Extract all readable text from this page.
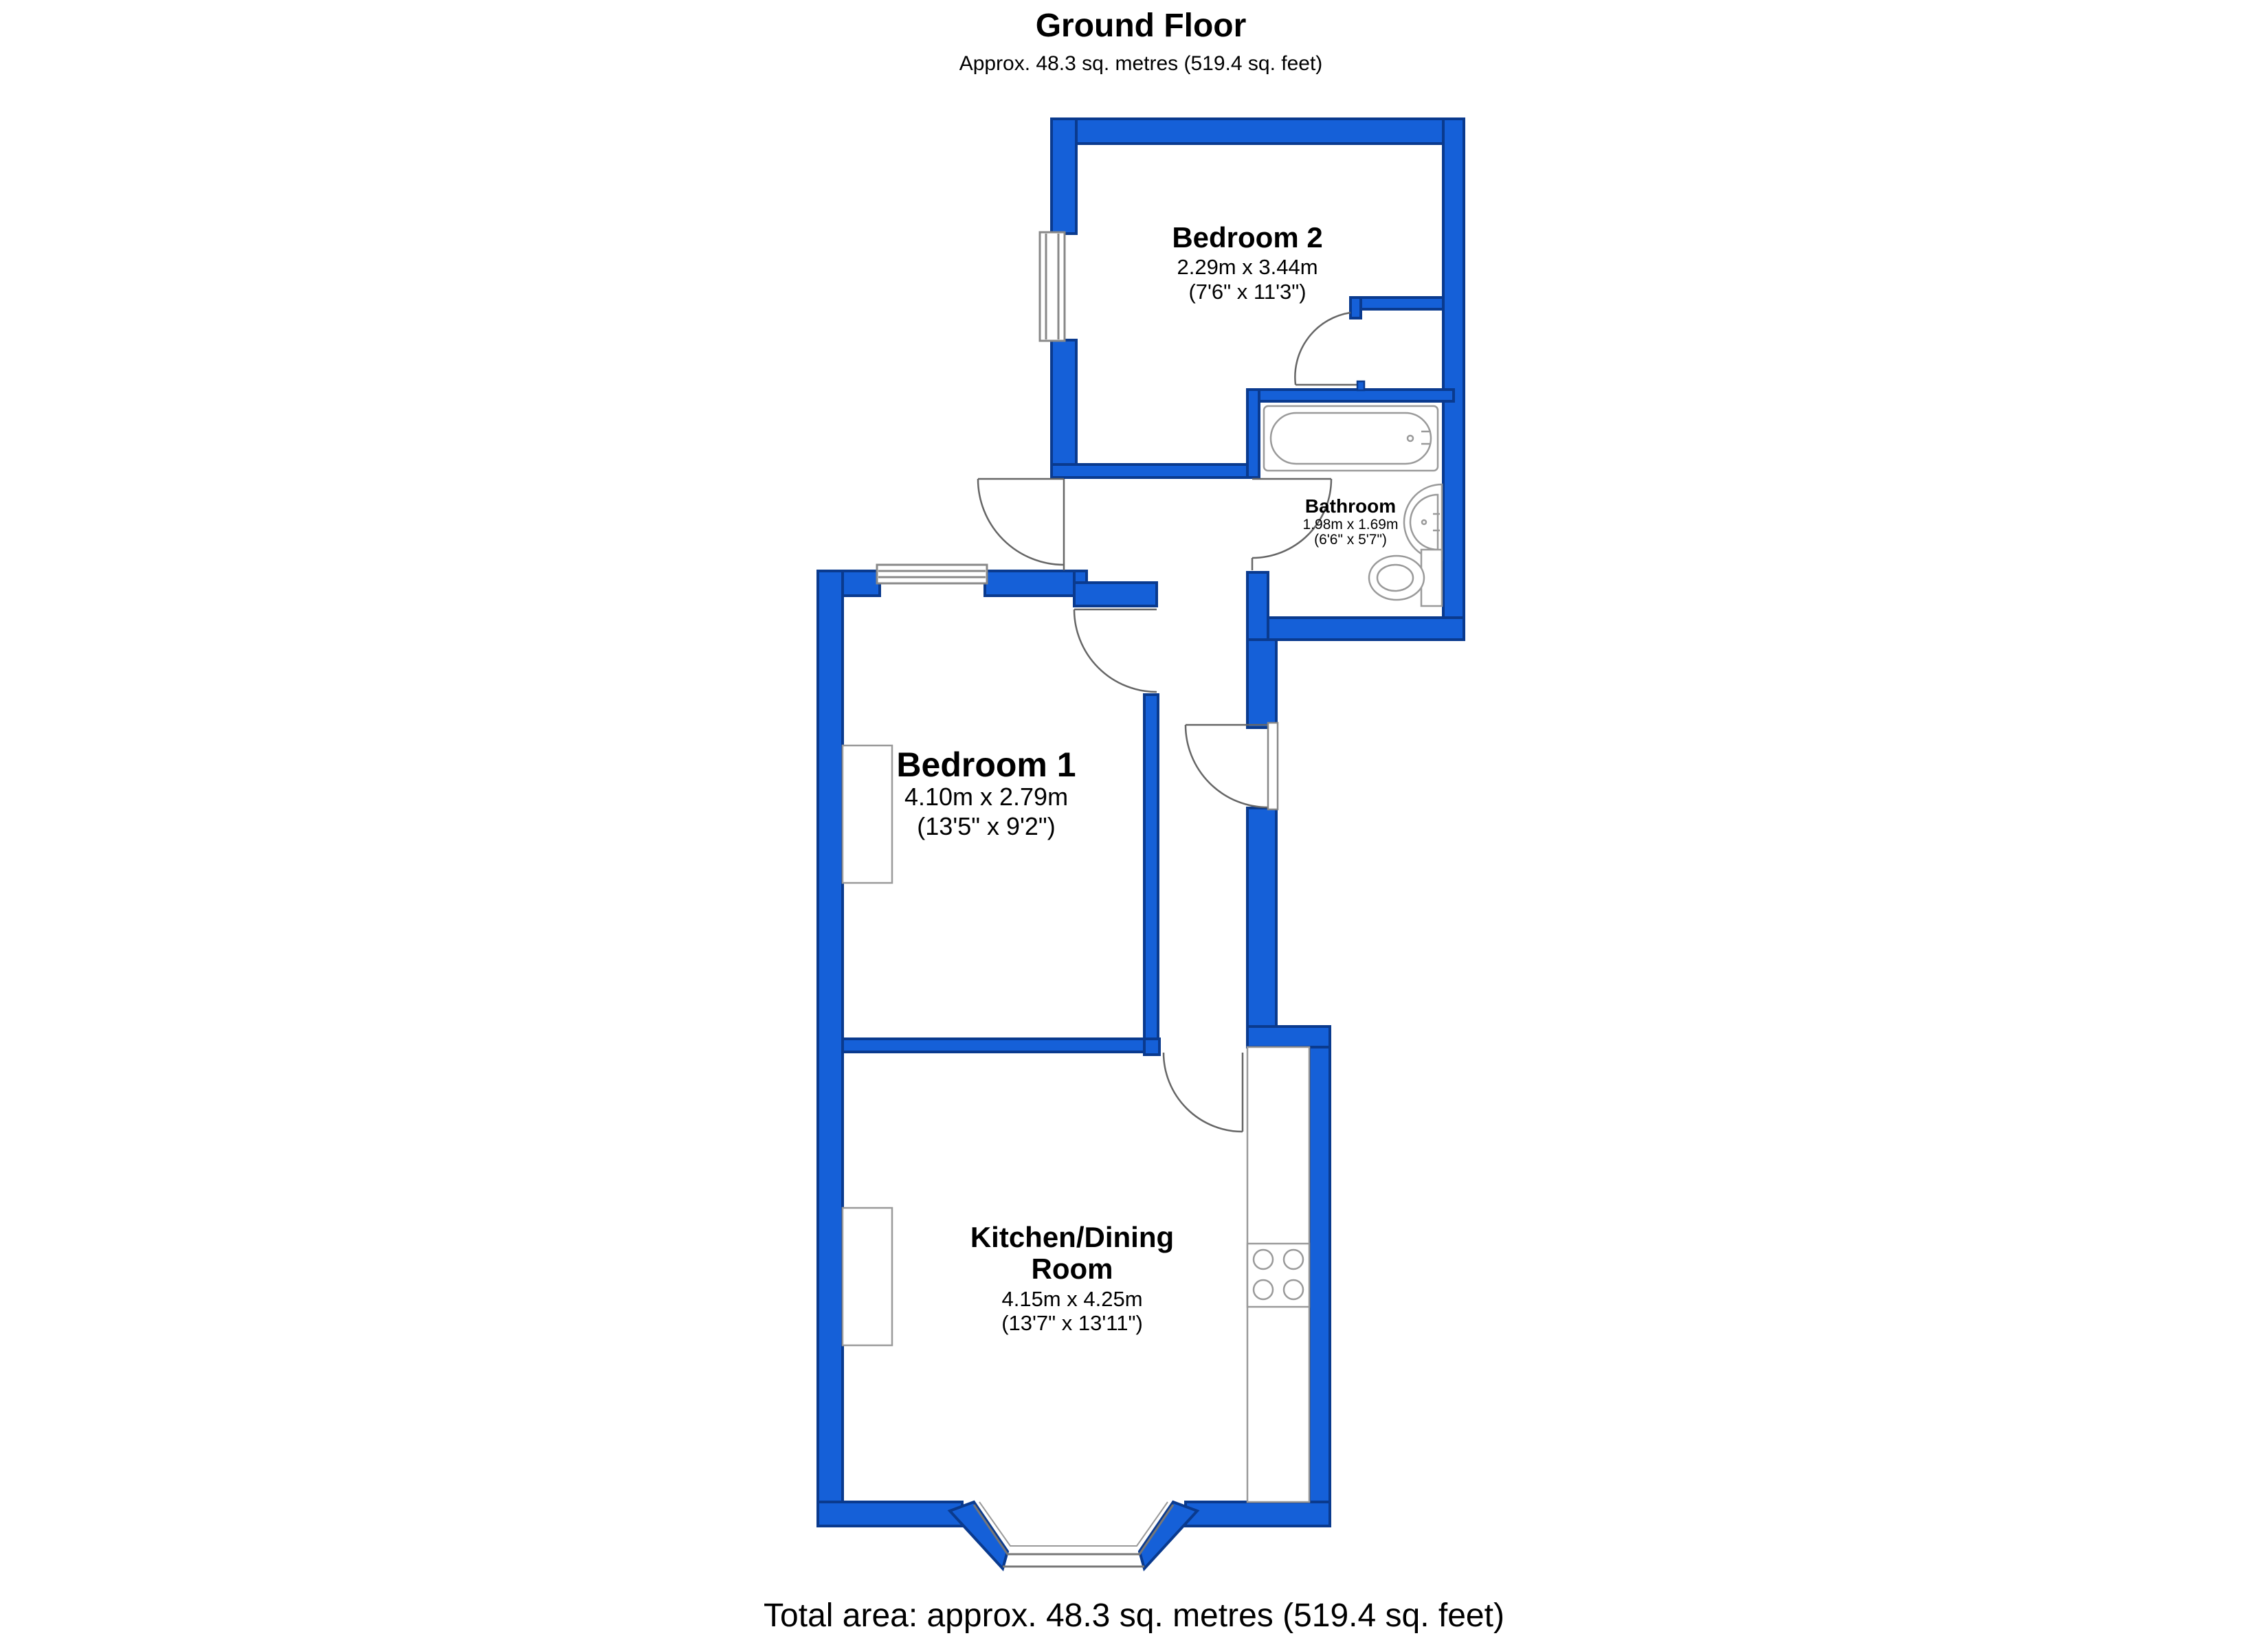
Ground Floor
Approx. 48.3 sq. metres (519.4 sq. feet)
Bedroom 2
2.29m x 3.44m
(7'6" x 11'3")
Bathroom
1.98m x 1.69m
(6'6" x 5'7")
Bedroom 1
4.10m x 2.79m
(13'5" x 9'2")
Kitchen/Dining
Room
4.15m x 4.25m
(13'7" x 13'11")
Total area: approx. 48.3 sq. metres (519.4 sq. feet)
